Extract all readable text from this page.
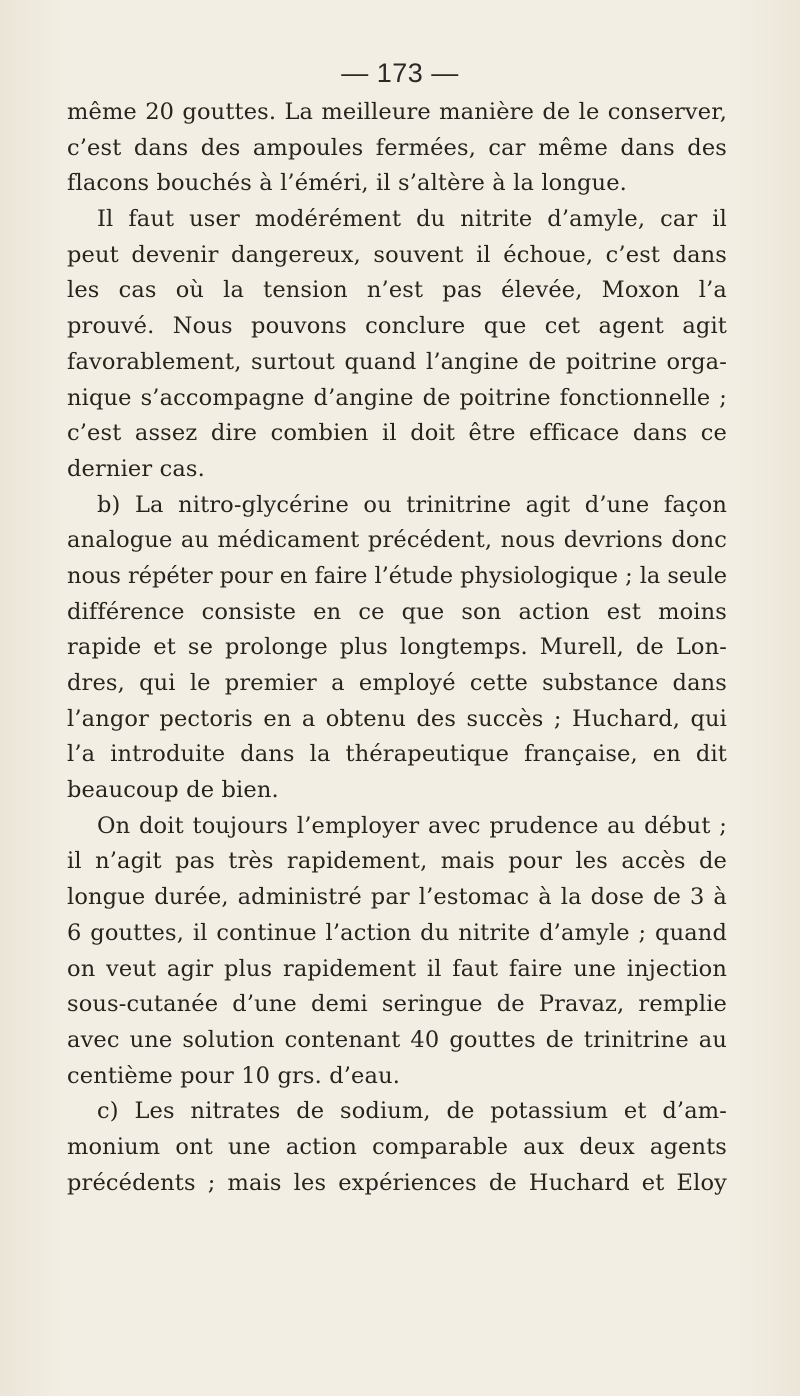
— 173 —
même 20 gouttes. La meilleure manière de le conserver,
c’est dans des ampoules fermées, car même dans des
flacons bouchés à l’éméri, il s’altère à la longue.
Il faut user modérément du nitrite d’amyle, car il
peut devenir dangereux, souvent il échoue, c’est dans
les cas où la tension n’est pas élevée, Moxon l’a
prouvé. Nous pouvons conclure que cet agent agit
favorablement, surtout quand l’angine de poitrine orga-
nique s’accompagne d’angine de poitrine fonctionnelle ;
c’est assez dire combien il doit être efficace dans ce
dernier cas.
b) La nitro-glycérine ou trinitrine agit d’une façon
analogue au médicament précédent, nous devrions donc
nous répéter pour en faire l’étude physiologique ; la seule
différence consiste en ce que son action est moins
rapide et se prolonge plus longtemps. Murell, de Lon-
dres, qui le premier a employé cette substance dans
l’angor pectoris en a obtenu des succès ; Huchard, qui
l’a introduite dans la thérapeutique française, en dit
beaucoup de bien.
On doit toujours l’employer avec prudence au début ;
il n’agit pas très rapidement, mais pour les accès de
longue durée, administré par l’estomac à la dose de 3 à
6 gouttes, il continue l’action du nitrite d’amyle ; quand
on veut agir plus rapidement il faut faire une injection
sous-cutanée d’une demi seringue de Pravaz, remplie
avec une solution contenant 40 gouttes de trinitrine au
centième pour 10 grs. d’eau.
c) Les nitrates de sodium, de potassium et d’am-
monium ont une action comparable aux deux agents
précédents ; mais les expériences de Huchard et Eloy
